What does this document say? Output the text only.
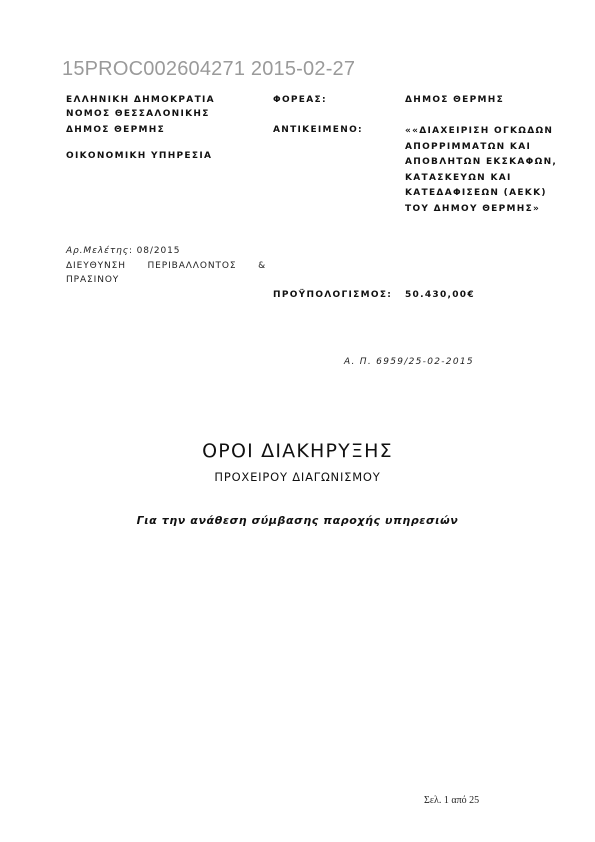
15PROC002604271 2015-02-27
ΕΛΛΗΝΙΚΗ ΔΗΜΟΚΡΑΤΙΑ
ΝΟΜΟΣ ΘΕΣΣΑΛΟΝΙΚΗΣ
ΔΗΜΟΣ ΘΕΡΜΗΣ
ΟΙΚΟΝΟΜΙΚΗ ΥΠΗΡΕΣΙΑ
ΦΟΡΕΑΣ:
ΑΝΤΙΚΕΙΜΕΝΟ:
ΔΗΜΟΣ ΘΕΡΜΗΣ
««ΔΙΑΧΕΙΡΙΣΗ ΟΓΚΩΔΩΝ ΑΠΟΡΡΙΜΜΑΤΩΝ ΚΑΙ ΑΠΟΒΛΗΤΩΝ ΕΚΣΚΑΦΩΝ, ΚΑΤΑΣΚΕΥΩΝ ΚΑΙ ΚΑΤΕΔΑΦΙΣΕΩΝ (ΑΕΚΚ) ΤΟΥ ΔΗΜΟΥ ΘΕΡΜΗΣ»
Αρ.Μελέτης: 08/2015
ΔΙΕΥΘΥΝΣΗ ΠΕΡΙΒΑΛΛΟΝΤΟΣ &
ΠΡΑΣΙΝΟΥ
ΠΡΟΫΠΟΛΟΓΙΣΜΟΣ: 50.430,00€
Α. Π. 6959/25-02-2015
ΟΡΟΙ ΔΙΑΚΗΡΥΞΗΣ
ΠΡΟΧΕΙΡΟΥ ΔΙΑΓΩΝΙΣΜΟΥ
Για την ανάθεση σύμβασης παροχής υπηρεσιών
Σελ. 1 από 25
